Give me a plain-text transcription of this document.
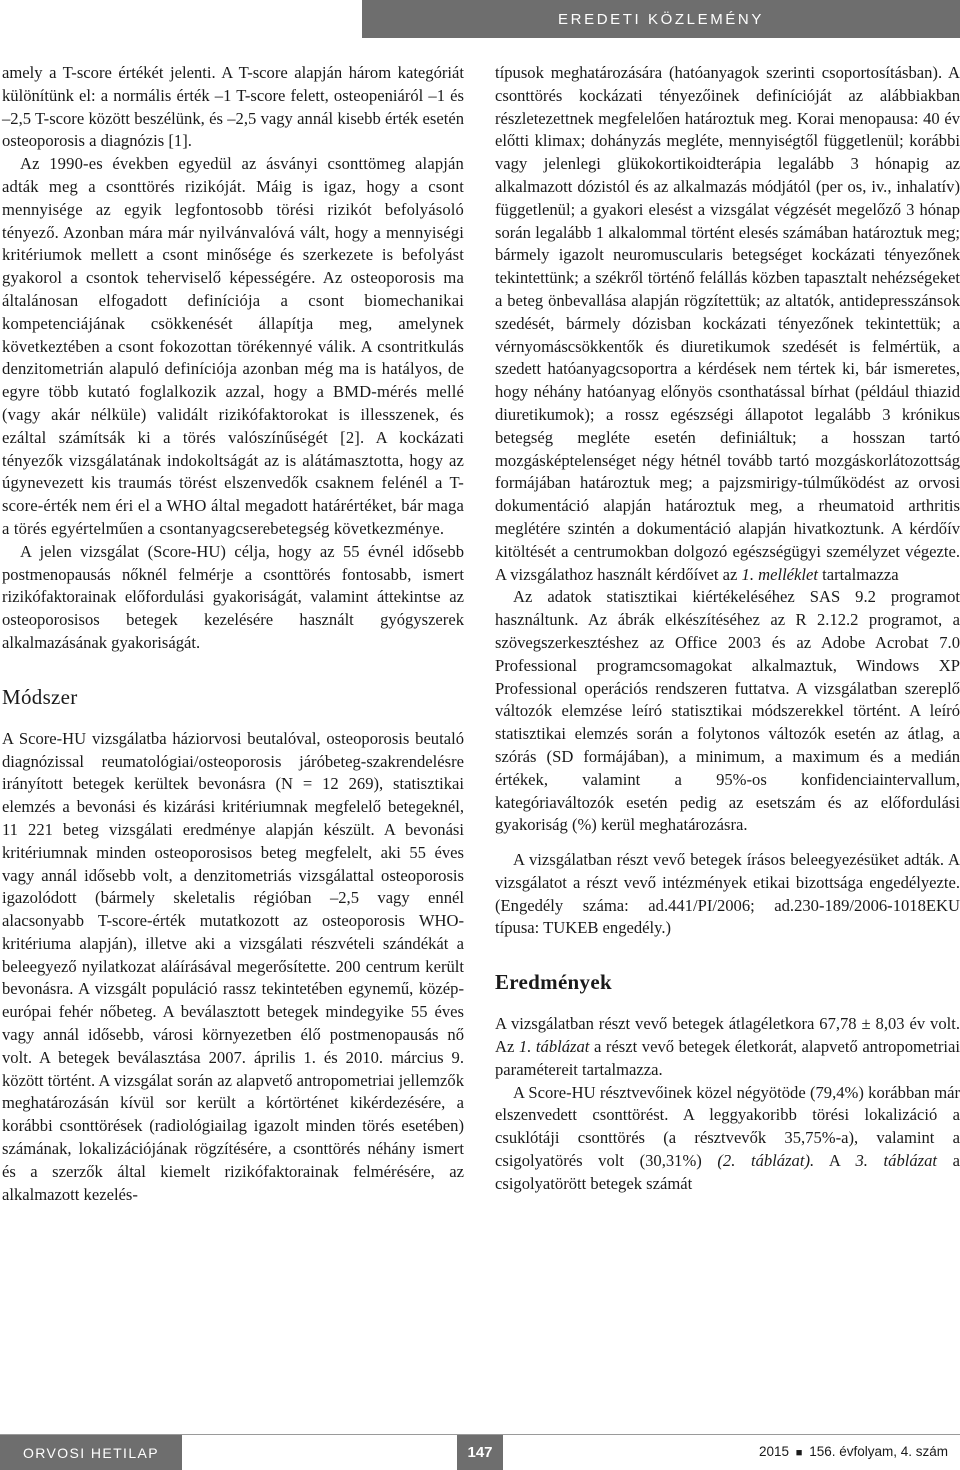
EREDETI KÖZLEMÉNY

amely a T-score értékét jelenti. A T-score alapján három kategóriát különítünk el: a normális érték –1 T-score felett, osteopeniáról –1 és –2,5 T-score között beszélünk, és –2,5 vagy annál kisebb érték esetén osteoporosis a diagnózis [1].

Az 1990-es években egyedül az ásványi csonttömeg alapján adták meg a csonttörés rizikóját. Máig is igaz, hogy a csont mennyisége az egyik legfontosobb törési rizikót befolyásoló tényező. Azonban mára már nyilvánvalóvá vált, hogy a mennyiségi kritériumok mellett a csont minősége és szerkezete is befolyást gyakorol a csontok teherviselő képességére. Az osteoporosis ma általánosan elfogadott definíciója a csont biomechanikai kompetenciájának csökkenését állapítja meg, amelynek következtében a csont fokozottan törékennyé válik. A csontritkulás denzitometrián alapuló definíciója azonban még ma is hatályos, de egyre több kutató foglalkozik azzal, hogy a BMD-mérés mellé (vagy akár nélküle) validált rizikófaktorokat is illesszenek, és ezáltal számítsák ki a törés valószínűségét [2]. A kockázati tényezők vizsgálatának indokoltságát az is alátámasztotta, hogy az úgynevezett kis traumás törést elszenvedők csaknem felénél a T-score-érték nem éri el a WHO által megadott határértéket, bár maga a törés egyértelműen a csontanyagcserebetegség következménye.

A jelen vizsgálat (Score-HU) célja, hogy az 55 évnél idősebb postmenopausás nőknél felmérje a csonttörés fontosabb, ismert rizikófaktorainak előfordulási gyakoriságát, valamint áttekintse az osteoporosisos betegek kezelésére használt gyógyszerek alkalmazásának gyakoriságát.

Módszer

A Score-HU vizsgálatba háziorvosi beutalóval, osteoporosis beutaló diagnózissal reumatológiai/osteoporosis járóbeteg-szakrendelésre irányított betegek kerültek bevonásra (N = 12 269), statisztikai elemzés a bevonási és kizárási kritériumnak megfelelő betegeknél, 11 221 beteg vizsgálati eredménye alapján készült. A bevonási kritériumnak minden osteoporosisos beteg megfelelt, aki 55 éves vagy annál idősebb volt, a denzitometriás vizsgálattal osteoporosis igazolódott (bármely skeletalis régióban –2,5 vagy ennél alacsonyabb T-score-érték mutatkozott az osteoporosis WHO-kritériuma alapján), illetve aki a vizsgálati részvételi szándékát a beleegyező nyilatkozat aláírásával megerősítette. 200 centrum került bevonásra. A vizsgált populáció rassz tekintetében egynemű, közép-európai fehér nőbeteg. A beválasztott betegek mindegyike 55 éves vagy annál idősebb, városi környezetben élő postmenopausás nő volt. A betegek beválasztása 2007. április 1. és 2010. március 9. között történt. A vizsgálat során az alapvető antropometriai jellemzők meghatározásán kívül sor került a kórtörténet kikérdezésére, a korábbi csonttörések (radiológiailag igazolt minden törés esetében) számának, lokalizációjának rögzítésére, a csonttörés néhány ismert és a szerzők által kiemelt rizikófaktorainak felmérésére, az alkalmazott kezelés-

típusok meghatározására (hatóanyagok szerinti csoportosításban). A csonttörés kockázati tényezőinek definícióját az alábbiakban részletezettnek megfelelően határoztuk meg. Korai menopausa: 40 év előtti klimax; dohányzás megléte, mennyiségtől függetlenül; korábbi vagy jelenlegi glükokortikoidterápia legalább 3 hónapig az alkalmazott dózistól és az alkalmazás módjától (per os, iv., inhalatív) függetlenül; a gyakori elesést a vizsgálat végzését megelőző 3 hónap során legalább 1 alkalommal történt elesés számában határoztuk meg; bármely igazolt neuromuscularis betegséget kockázati tényezőnek tekintettünk; a székről történő felállás közben tapasztalt nehézségeket a beteg önbevallása alapján rögzítettük; az altatók, antidepresszánsok szedését, bármely dózisban kockázati tényezőnek tekintettük; a vérnyomáscsökkentők és diuretikumok szedését is felmértük, a szedett hatóanyagcsoportra a kérdések nem tértek ki, bár ismeretes, hogy néhány hatóanyag előnyös csonthatással bírhat (például thiazid diuretikumok); a rossz egészségi állapotot legalább 3 krónikus betegség megléte esetén definiáltuk; a hosszan tartó mozgásképtelenséget négy hétnél tovább tartó mozgáskorlátozottság formájában határoztuk meg; a pajzsmirigy-túlműködést az orvosi dokumentáció alapján határoztuk meg, a rheumatoid arthritis meglétére szintén a dokumentáció alapján hivatkoztunk. A kérdőív kitöltését a centrumokban dolgozó egészségügyi személyzet végezte. A vizsgálathoz használt kérdőívet az 1. melléklet tartalmazza

Az adatok statisztikai kiértékeléséhez SAS 9.2 programot használtunk. Az ábrák elkészítéséhez az R 2.12.2 programot, a szövegszerkesztéshez az Office 2003 és az Adobe Acrobat 7.0 Professional programcsomagokat alkalmaztuk, Windows XP Professional operációs rendszeren futtatva. A vizsgálatban szereplő változók elemzése leíró statisztikai módszerekkel történt. A leíró statisztikai elemzés során a folytonos változók esetén az átlag, a szórás (SD formájában), a minimum, a maximum és a medián értékek, valamint a 95%-os konfidenciaintervallum, kategóriaváltozók esetén pedig az esetszám és az előfordulási gyakoriság (%) kerül meghatározásra.

A vizsgálatban részt vevő betegek írásos beleegyezésüket adták. A vizsgálatot a részt vevő intézmények etikai bizottsága engedélyezte. (Engedély száma: ad.441/PI/2006; ad.230-189/2006-1018EKU típusa: TUKEB engedély.)

Eredmények

A vizsgálatban részt vevő betegek átlagéletkora 67,78 ± 8,03 év volt. Az 1. táblázat a részt vevő betegek életkorát, alapvető antropometriai paramétereit tartalmazza.

A Score-HU résztvevőinek közel négyötöde (79,4%) korábban már elszenvedett csonttörést. A leggyakoribb törési lokalizáció a csuklótáji csonttörés (a résztvevők 35,75%-a), valamint a csigolyatörés volt (30,31%) (2. táblázat). A 3. táblázat a csigolyatörött betegek számát

ORVOSI HETILAP	147	2015 ■ 156. évfolyam, 4. szám
